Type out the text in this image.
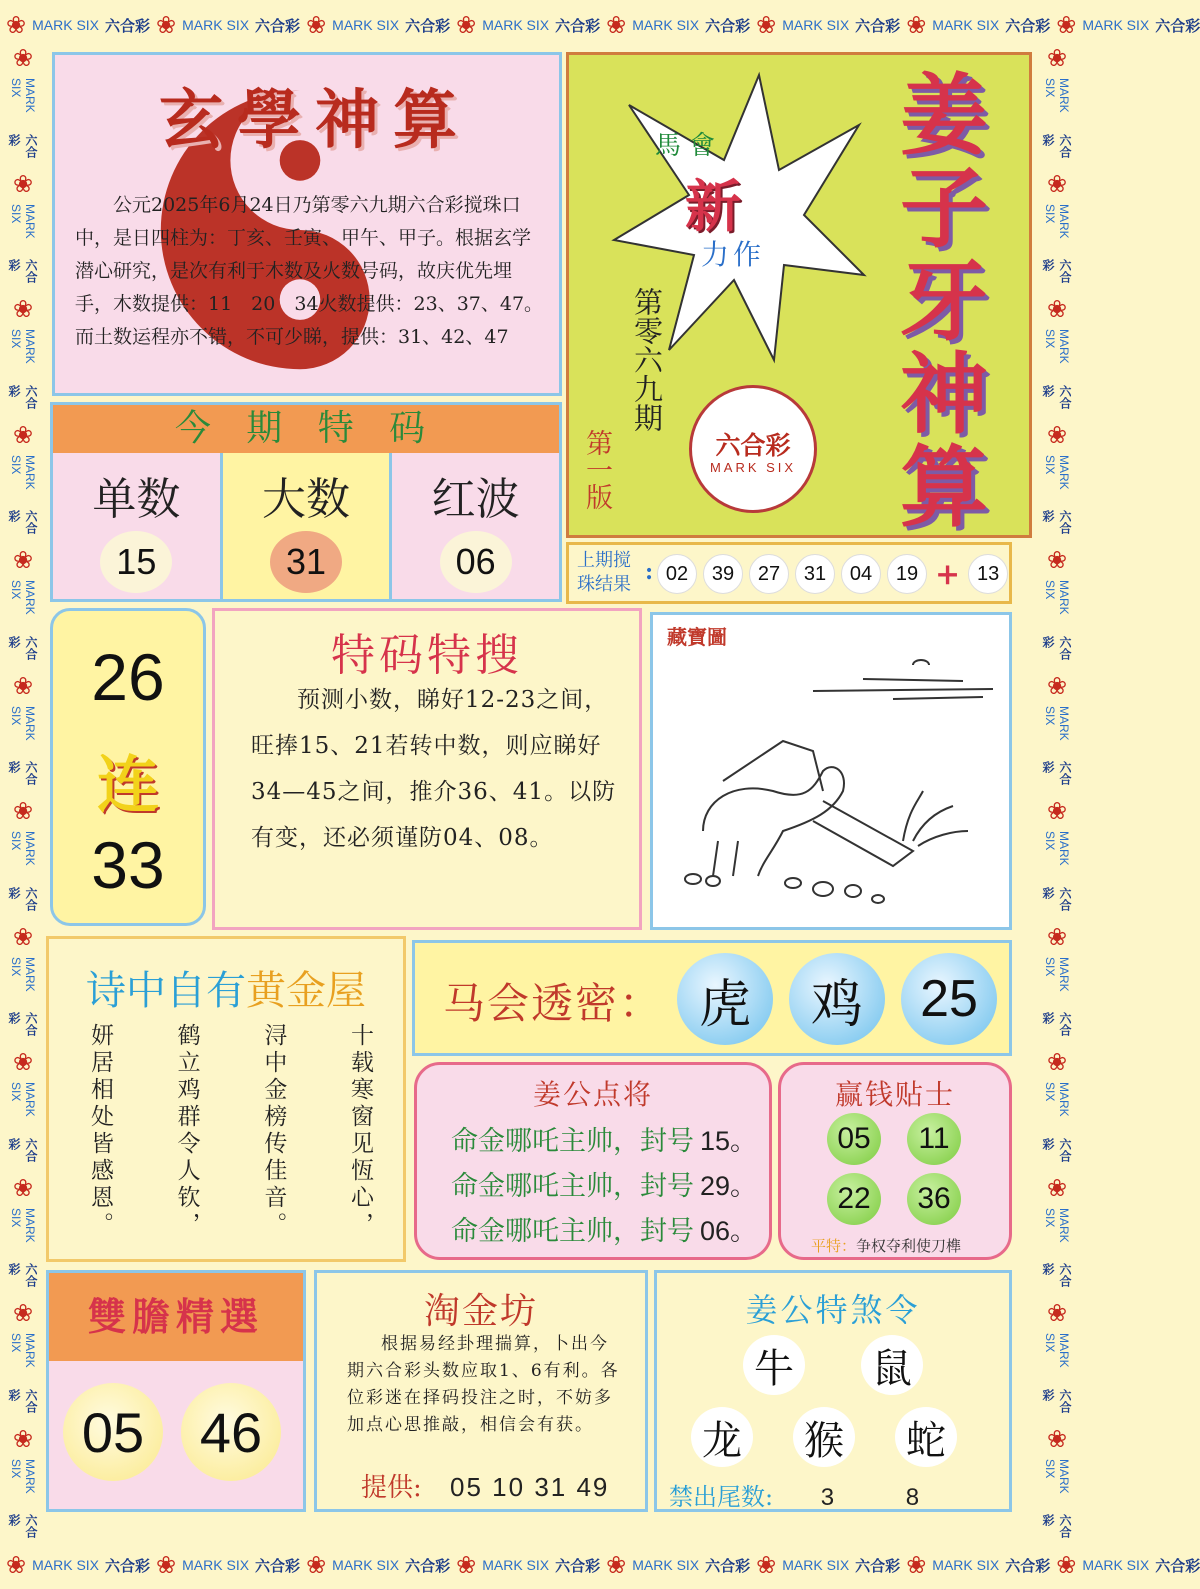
❀ MARK SIX 六合彩 ❀ MARK SIX 六合彩 ❀ MARK SIX 六合彩 ❀ MARK SIX 六合彩 ❀ MARK SIX 六合彩 ❀ MARK SIX 六合彩 ❀ MARK SIX 六合彩 ❀ MARK SIX 六合彩
❀ MARK SIX 六合彩 ❀ MARK SIX 六合彩 ❀ MARK SIX 六合彩 ❀ MARK SIX 六合彩 ❀ MARK SIX 六合彩 ❀ MARK SIX 六合彩 ❀ MARK SIX 六合彩 ❀ MARK SIX 六合彩
❀
MARK SIX
六合彩
❀
MARK SIX
六合彩
❀
MARK SIX
六合彩
❀
MARK SIX
六合彩
❀
MARK SIX
六合彩
❀
MARK SIX
六合彩
❀
MARK SIX
六合彩
❀
MARK SIX
六合彩
❀
MARK SIX
六合彩
❀
MARK SIX
六合彩
❀
MARK SIX
六合彩
❀
MARK SIX
六合彩
❀
MARK SIX
六合彩
❀
MARK SIX
六合彩
❀
MARK SIX
六合彩
❀
MARK SIX
六合彩
❀
MARK SIX
六合彩
❀
MARK SIX
六合彩
❀
MARK SIX
六合彩
❀
MARK SIX
六合彩
❀
MARK SIX
六合彩
❀
MARK SIX
六合彩
❀
MARK SIX
六合彩
❀
MARK SIX
六合彩
玄學神算
公元2025年6月24日乃第零六九期六合彩搅珠口中，是日四柱为：丁亥、壬寅、甲午、甲子。根据玄学潜心研究，是次有利于木数及火数号码，故庆优先埋手，木数提供：11　20　34火数提供：23、37、47。而土数运程亦不错，不可少睇，提供：31、42、47
馬會
新
力作
第零六九期
第一版	六合彩
MARK SIX
姜
子
牙
神
算
上期搅珠结果 : 02	39	27	31	04	19 + 13
今 期 特 码
单数
15
大数
31
红波
06
26
连
33
特码特搜
预测小数，睇好12-23之间，旺捧15、21若转中数，则应睇好34—45之间，推介36、41。以防有变，还必须谨防04、08。
藏寶圖
诗中自有黄金屋
十载寒窗见恆心，
浔中金榜传佳音。
鹤立鸡群令人钦，
妍居相处皆感恩。
马会透密： 虎	鸡	25
姜公点将
命金哪吒主帅，封号 15。
命金哪吒主帅，封号 29。
命金哪吒主帅，封号 06。
赢钱贴士
05	11
22	36
平特：争权夺利使刀榫
雙膽精選
05 46
淘金坊
根据易经卦理揣算，卜出今期六合彩头数应取1、6有利。各位彩迷在择码投注之时，不妨多加点心思推敲，相信会有获。
提供: 05 10 31 49
姜公特煞令
牛 鼠
龙 猴 蛇
禁出尾数: 3	8
